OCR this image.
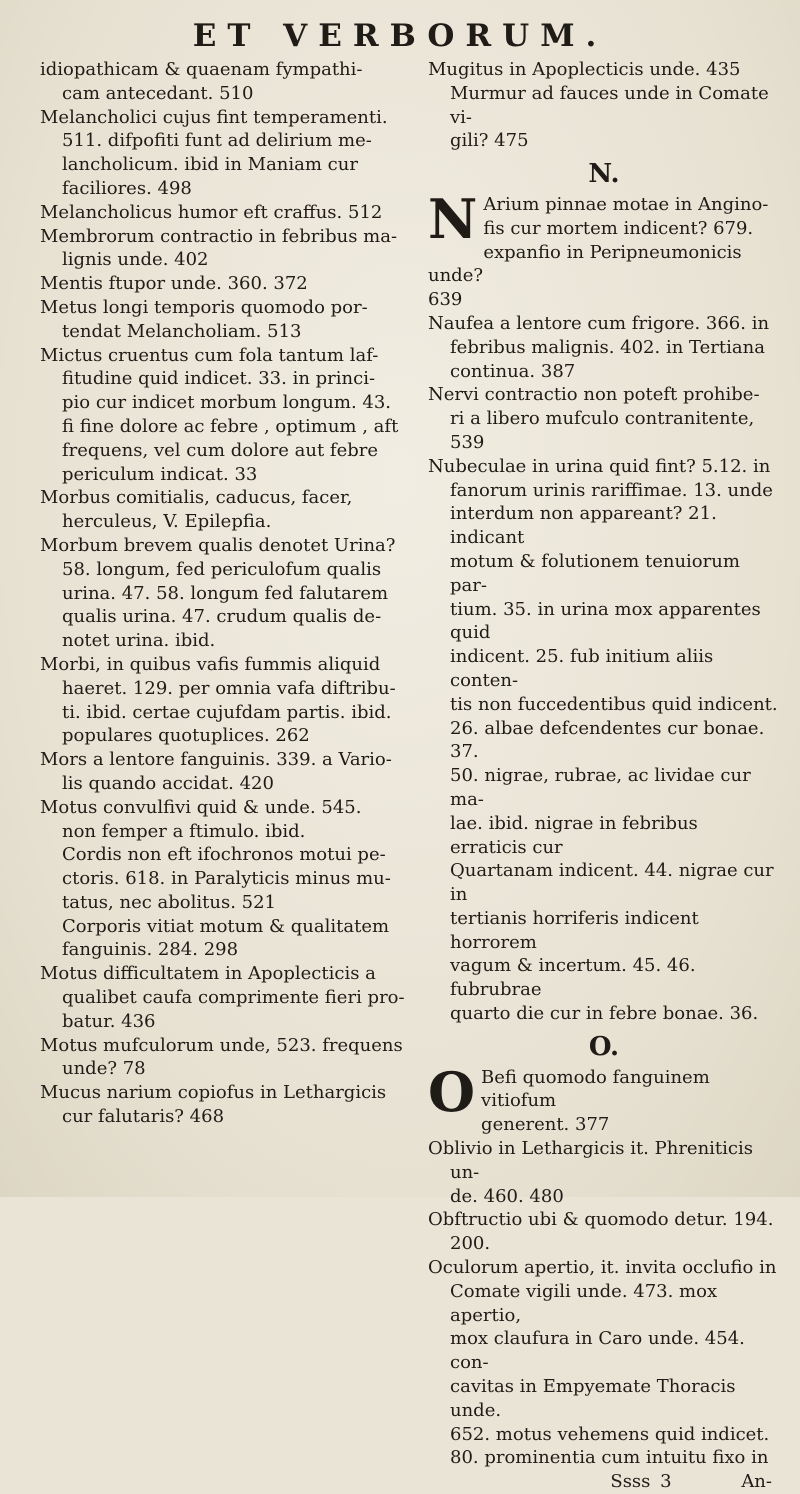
ET VERBORUM.

idiopathicam & quaenam fympathi-
cam antecedant. 510

Melancholici cujus fint temperamenti.
511. difpofiti funt ad delirium me-
lancholicum. ibid in Maniam cur
faciliores. 498

Melancholicus humor eft craffus. 512

Membrorum contractio in febribus ma-
lignis unde. 402

Mentis ftupor unde. 360. 372

Metus longi temporis quomodo por-
tendat Melancholiam. 513

Mictus cruentus cum fola tantum laf-
fitudine quid indicet. 33. in princi-
pio cur indicet morbum longum. 43.
fi fine dolore ac febre , optimum , aft
frequens, vel cum dolore aut febre
periculum indicat. 33

Morbus comitialis, caducus, facer,
herculeus, V. Epilepfia.

Morbum brevem qualis denotet Urina?
58. longum, fed periculofum qualis
urina. 47. 58. longum fed falutarem
qualis urina. 47. crudum qualis de-
notet urina. ibid.

Morbi, in quibus vafis fummis aliquid
haeret. 129. per omnia vafa diftribu-
ti. ibid. certae cujufdam partis. ibid.
populares quotuplices. 262

Mors a lentore fanguinis. 339. a Vario-
lis quando accidat. 420

Motus convulfivi quid & unde. 545.
non femper a ftimulo. ibid.
Cordis non eft ifochronos motui pe-
ctoris. 618. in Paralyticis minus mu-
tatus, nec abolitus. 521
Corporis vitiat motum & qualitatem
fanguinis. 284. 298

Motus difficultatem in Apoplecticis a
qualibet caufa comprimente fieri pro-
batur. 436

Motus mufculorum unde, 523. frequens
unde? 78

Mucus narium copiofus in Lethargicis
cur falutaris? 468

Mugitus in Apoplecticis unde. 435
Murmur ad fauces unde in Comate vi-
gili? 475

N.
N Arium pinnae motae in Angino-
fis cur mortem indicent? 679.
expanfio in Peripneumonicis unde?
639

Naufea a lentore cum frigore. 366. in
febribus malignis. 402. in Tertiana
continua. 387

Nervi contractio non poteft prohibe-
ri a libero mufculo contranitente,
539

Nubeculae in urina quid fint? 5.12. in
fanorum urinis rariffimae. 13. unde
interdum non appareant? 21. indicant
motum & folutionem tenuiorum par-
tium. 35. in urina mox apparentes quid
indicent. 25. fub initium aliis conten-
tis non fuccedentibus quid indicent.
26. albae defcendentes cur bonae. 37.
50. nigrae, rubrae, ac lividae cur ma-
lae. ibid. nigrae in febribus erraticis cur
Quartanam indicent. 44. nigrae cur in
tertianis horriferis indicent horrorem
vagum & incertum. 45. 46. fubrubrae
quarto die cur in febre bonae. 36.

O.
O Befi quomodo fanguinem vitiofum
generent. 377

Oblivio in Lethargicis it. Phreniticis un-
de. 460. 480

Obftructio ubi & quomodo detur. 194.
200.

Oculorum apertio, it. invita occlufio in
Comate vigili unde. 473. mox apertio,
mox claufura in Caro unde. 454. con-
cavitas in Empyemate Thoracis unde.
652. motus vehemens quid indicet.
80. prominentia cum intuitu fixo in

Ssss 3	An-
